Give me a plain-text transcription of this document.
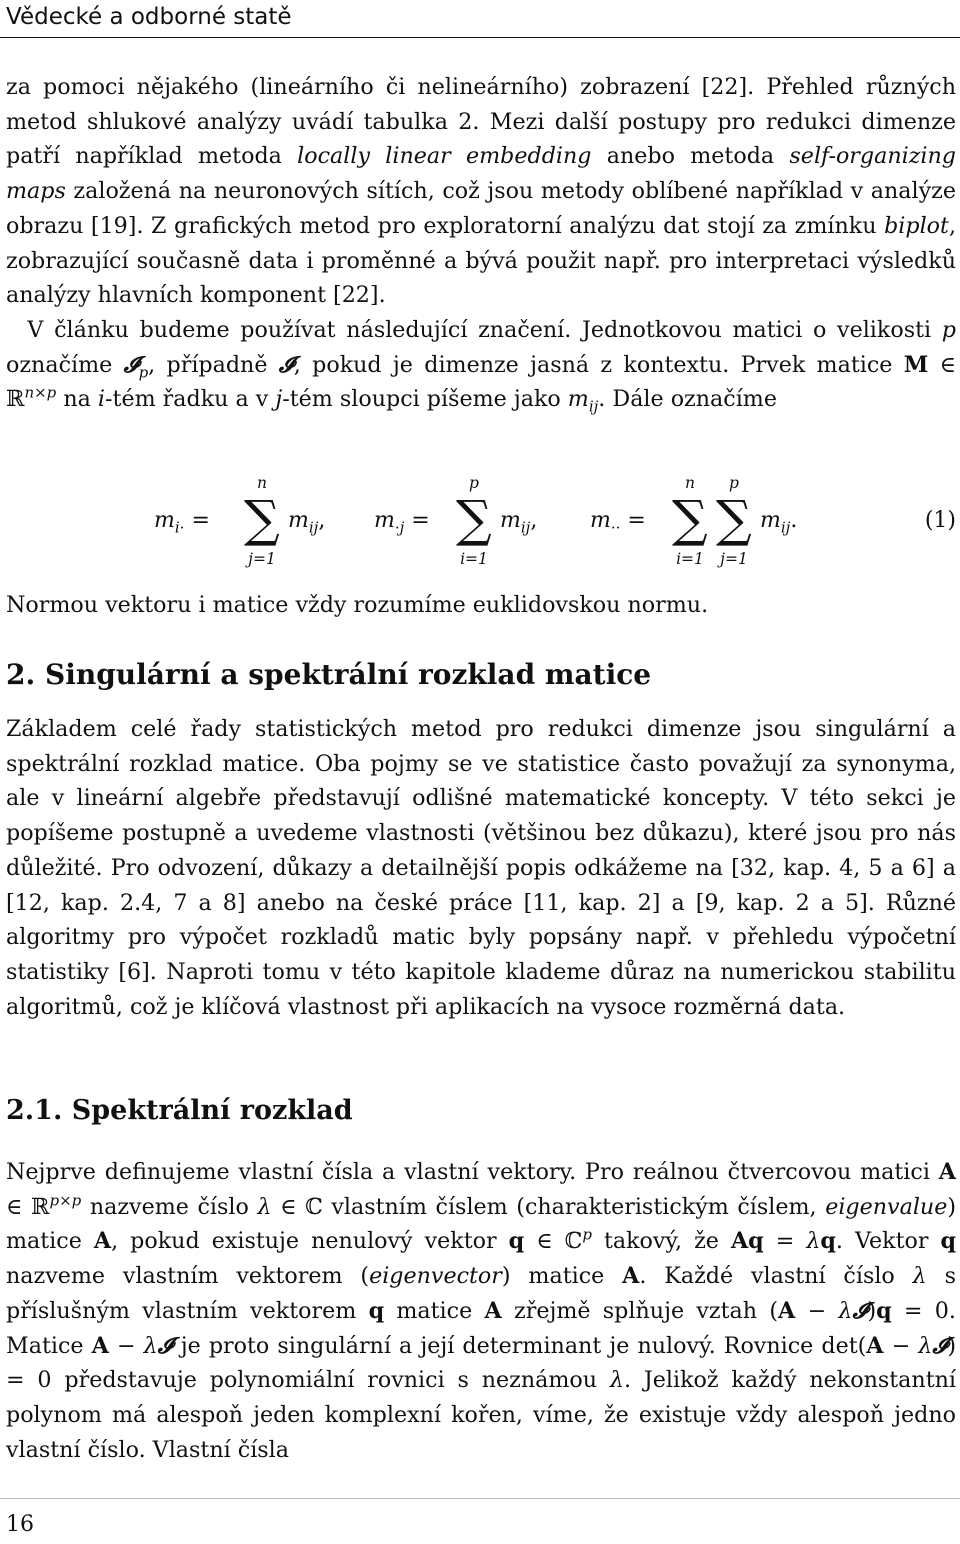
Vědecké a odborné statě

za pomoci nějakého (lineárního či nelineárního) zobrazení [22]. Přehled různých metod shlukové analýzy uvádí tabulka 2. Mezi další postupy pro redukci dimenze patří například metoda locally linear embedding anebo metoda self-organizing maps založená na neuronových sítích, což jsou metody oblíbené například v analýze obrazu [19]. Z grafických metod pro exploratorní analýzu dat stojí za zmínku biplot, zobrazující současně data i proměnné a bývá použit např. pro interpretaci výsledků analýzy hlavních komponent [22].

V článku budeme používat následující značení. Jednotkovou matici o velikosti p označíme 𝓘$_p$, případně 𝓘, pokud je dimenze jasná z kontextu. Prvek matice M ∈ ℝ$^{n\times p}$ na i-tém řadku a v j-tém sloupci píšeme jako $m_{ij}$. Dále označíme

$m_{i\cdot}$ =
n
∑
j=1
$m_{ij}$, $m_{\cdot j}$ =
p
∑
i=1
$m_{ij}$, $m_{\cdot\cdot}$ =
n
∑
i=1
p
∑
j=1
$m_{ij}$.	(1)

Normou vektoru i matice vždy rozumíme euklidovskou normu.

2. Singulární a spektrální rozklad matice

Základem celé řady statistických metod pro redukci dimenze jsou singulární a spektrální rozklad matice. Oba pojmy se ve statistice často považují za synonyma, ale v lineární algebře představují odlišné matematické koncepty. V této sekci je popíšeme postupně a uvedeme vlastnosti (většinou bez důkazu), které jsou pro nás důležité. Pro odvození, důkazy a detailnější popis odkážeme na [32, kap. 4, 5 a 6] a [12, kap. 2.4, 7 a 8] anebo na české práce [11, kap. 2] a [9, kap. 2 a 5]. Různé algoritmy pro výpočet rozkladů matic byly popsány např. v přehledu výpočetní statistiky [6]. Naproti tomu v této kapitole klademe důraz na numerickou stabilitu algoritmů, což je klíčová vlastnost při aplikacích na vysoce rozměrná data.

2.1. Spektrální rozklad

Nejprve definujeme vlastní čísla a vlastní vektory. Pro reálnou čtvercovou matici A ∈ ℝ$^{p\times p}$ nazveme číslo λ ∈ ℂ vlastním číslem (charakteristickým číslem, eigenvalue) matice A, pokud existuje nenulový vektor q ∈ ℂ$^p$ takový, že Aq = λq. Vektor q nazveme vlastním vektorem (eigenvector) matice A. Každé vlastní číslo λ s příslušným vlastním vektorem q matice A zřejmě splňuje vztah (A − λ𝓘)q = 0. Matice A − λ𝓘 je proto singulární a její determinant je nulový. Rovnice det(A − λ𝓘) = 0 představuje polynomiální rovnici s neznámou λ. Jelikož každý nekonstantní polynom má alespoň jeden komplexní kořen, víme, že existuje vždy alespoň jedno vlastní číslo. Vlastní čísla

16
